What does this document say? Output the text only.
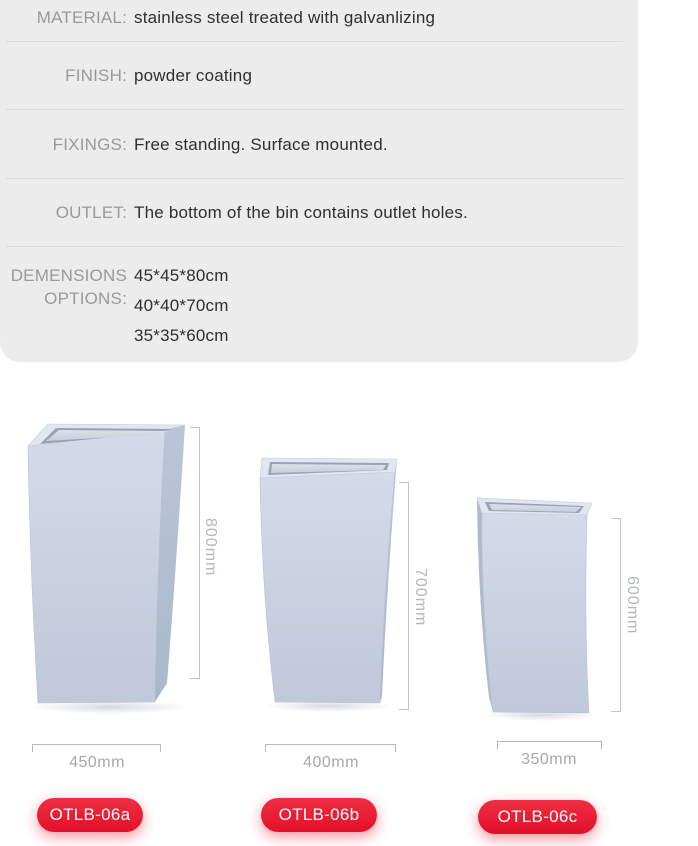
MATERIAL: stainless steel treated with galvanlizing
FINISH: powder coating
FIXINGS: Free standing. Surface mounted.
OUTLET: The bottom of the bin contains outlet holes.
DEMENSIONS
OPTIONS:
45*45*80cm
40*40*70cm
35*35*60cm
800mm
700mm	600mm
450mm	400mm	350mm
OTLB-06a	OTLB-06b	OTLB-06c
